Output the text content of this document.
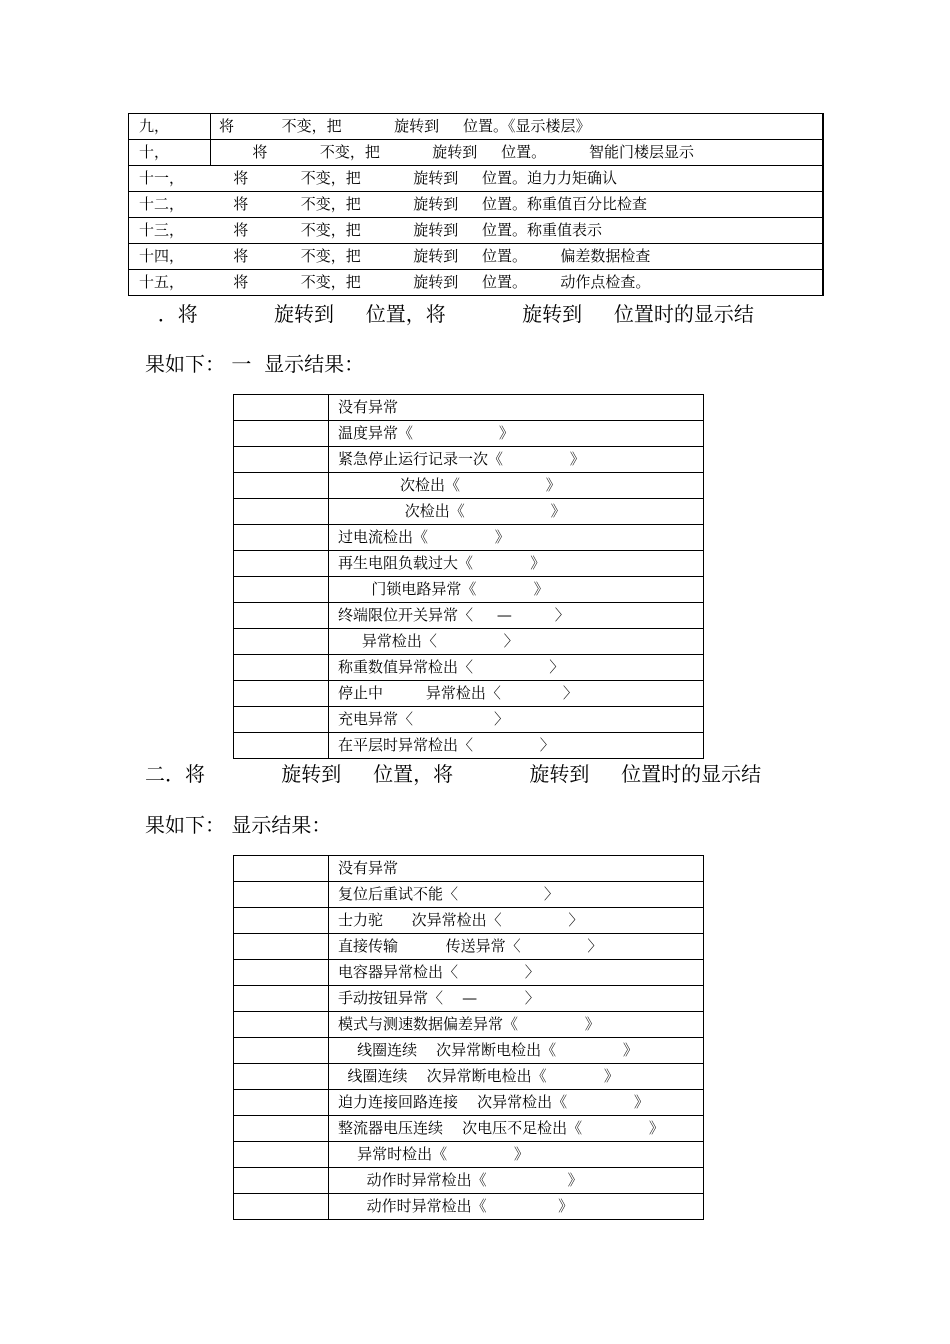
九，	将          不变，把           旋转到     位置。《显示楼层》
十，	将           不变，把           旋转到     位置。         智能门楼层显示
十一， 将           不变，把           旋转到     位置。迫力力矩确认
十二， 将           不变，把           旋转到     位置。称重值百分比检查
十三， 将           不变，把           旋转到     位置。称重值表示
十四， 将           不变，把           旋转到     位置。       偏差数据检查
十五， 将           不变，把           旋转到     位置。       动作点检查。
．将            旋转到     位置，将            旋转到     位置时的显示结
果如下： 一  显示结果：
没有异常
温度异常《                  》
紧急停止运行记录一次《              》
次检出《                  》
次检出《                  》
过电流检出《              》
再生电阻负载过大《            》
门锁电路异常《            》
终端限位开关异常〈     —         〉
异常检出〈              〉
称重数值异常检出〈                〉
停止中         异常检出〈             〉
充电异常〈                 〉
在平层时异常检出〈              〉
二．将            旋转到     位置，将            旋转到     位置时的显示结
果如下： 显示结果：
没有异常
复位后重试不能〈                  〉
士力驼      次异常检出〈              〉
直接传输          传送异常〈              〉
电容器异常检出〈              〉
手动按钮异常〈    —          〉
模式与测速数据偏差异常《              》
线圈连续    次异常断电检出《              》
线圈连续    次异常断电检出《            》
迫力连接回路连接    次异常检出《              》
整流器电压连续    次电压不足检出《              》
异常时检出《              》
动作时异常检出《                 》
动作时异常检出《               》
